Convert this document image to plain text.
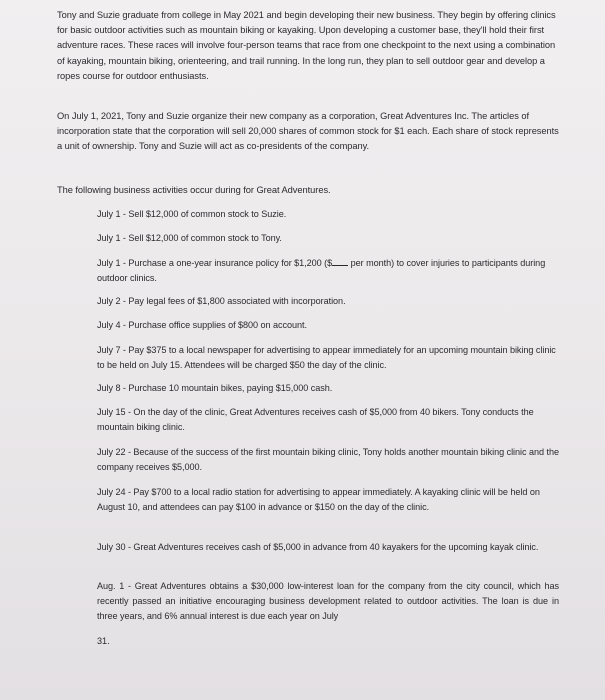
Tony and Suzie graduate from college in May 2021 and begin developing their new business. They begin by offering clinics for basic outdoor activities such as mountain biking or kayaking. Upon developing a customer base, they'll hold their first adventure races. These races will involve four-person teams that race from one checkpoint to the next using a combination of kayaking, mountain biking, orienteering, and trail running. In the long run, they plan to sell outdoor gear and develop a ropes course for outdoor enthusiasts.

On July 1, 2021, Tony and Suzie organize their new company as a corporation, Great Adventures Inc. The articles of incorporation state that the corporation will sell 20,000 shares of common stock for $1 each. Each share of stock represents a unit of ownership. Tony and Suzie will act as co-presidents of the company.

The following business activities occur during for Great Adventures.

July 1 - Sell $12,000 of common stock to Suzie.

July 1 - Sell $12,000 of common stock to Tony.

July 1 - Purchase a one-year insurance policy for $1,200 ($ per month) to cover injuries to participants during outdoor clinics.

July 2 - Pay legal fees of $1,800 associated with incorporation.

July 4 - Purchase office supplies of $800 on account.

July 7 - Pay $375 to a local newspaper for advertising to appear immediately for an upcoming mountain biking clinic to be held on July 15. Attendees will be charged $50 the day of the clinic.

July 8 - Purchase 10 mountain bikes, paying $15,000 cash.

July 15 - On the day of the clinic, Great Adventures receives cash of $5,000 from 40 bikers. Tony conducts the mountain biking clinic.

July 22 - Because of the success of the first mountain biking clinic, Tony holds another mountain biking clinic and the company receives $5,000.

July 24 - Pay $700 to a local radio station for advertising to appear immediately. A kayaking clinic will be held on August 10, and attendees can pay $100 in advance or $150 on the day of the clinic.

July 30 - Great Adventures receives cash of $5,000 in advance from 40 kayakers for the upcoming kayak clinic.

Aug. 1 - Great Adventures obtains a $30,000 low-interest loan for the company from the city council, which has recently passed an initiative encouraging business development related to outdoor activities. The loan is due in three years, and 6% annual interest is due each year on July

31.
